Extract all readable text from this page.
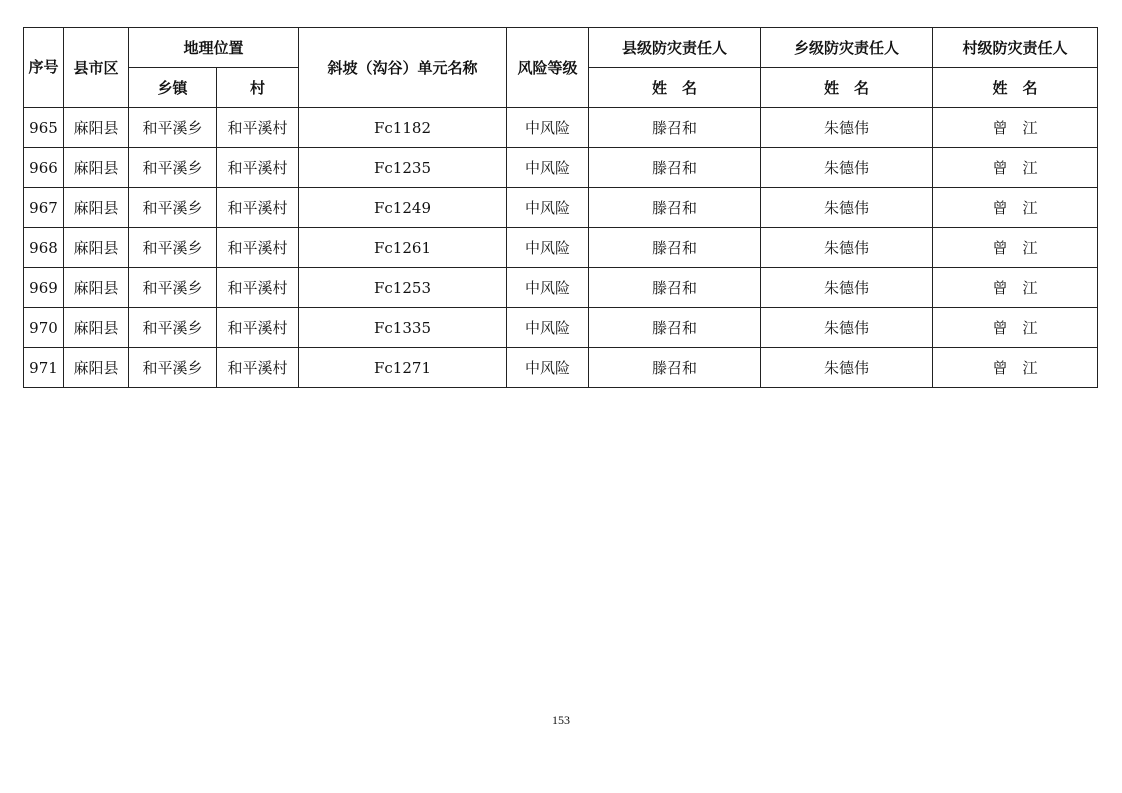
序号	县市区	地理位置		斜坡（沟谷）单元名称	风险等级	县级防灾责任人	乡级防灾责任人	村级防灾责任人
		乡镇	村			姓　名	姓　名	姓　名
965	麻阳县	和平溪乡	和平溪村	Fc1182	中风险	滕召和	朱德伟	曾　江
966	麻阳县	和平溪乡	和平溪村	Fc1235	中风险	滕召和	朱德伟	曾　江
967	麻阳县	和平溪乡	和平溪村	Fc1249	中风险	滕召和	朱德伟	曾　江
968	麻阳县	和平溪乡	和平溪村	Fc1261	中风险	滕召和	朱德伟	曾　江
969	麻阳县	和平溪乡	和平溪村	Fc1253	中风险	滕召和	朱德伟	曾　江
970	麻阳县	和平溪乡	和平溪村	Fc1335	中风险	滕召和	朱德伟	曾　江
971	麻阳县	和平溪乡	和平溪村	Fc1271	中风险	滕召和	朱德伟	曾　江
153
